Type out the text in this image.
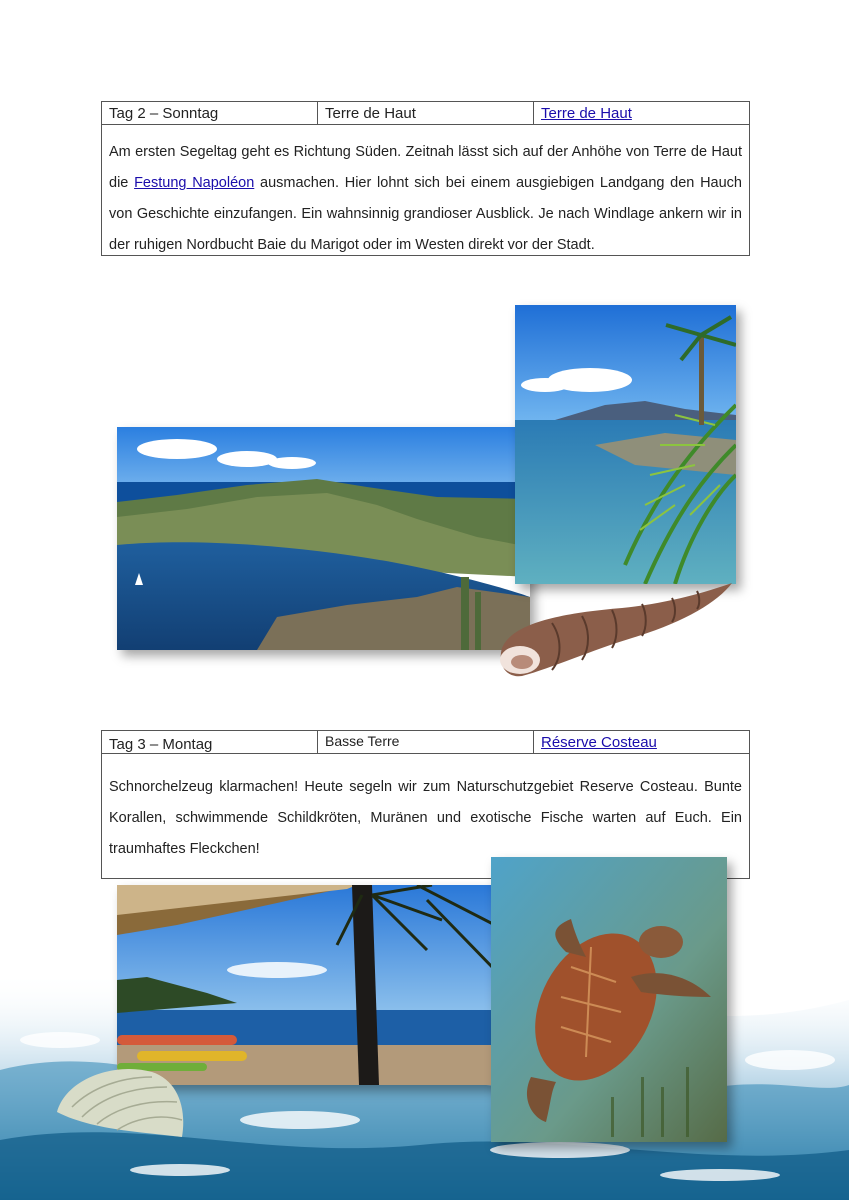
Tag 2 – Sonntag	Terre de Haut	Terre de Haut
Am ersten Segeltag geht es Richtung Süden. Zeitnah lässt sich auf der Anhöhe von Terre de Haut die Festung Napoléon ausmachen. Hier lohnt sich bei einem ausgiebigen Landgang den Hauch von Geschichte einzufangen. Ein wahnsinnig grandioser Ausblick. Je nach Windlage ankern wir in der ruhigen Nordbucht Baie du Marigot oder im Westen direkt vor der Stadt.
Tag 3 – Montag	Basse Terre	Réserve Costeau
Schnorchelzeug klarmachen! Heute segeln wir zum Naturschutzgebiet Reserve Costeau. Bunte Korallen, schwimmende Schildkröten, Muränen und exotische Fische warten auf Euch. Ein traumhaftes Fleckchen!
